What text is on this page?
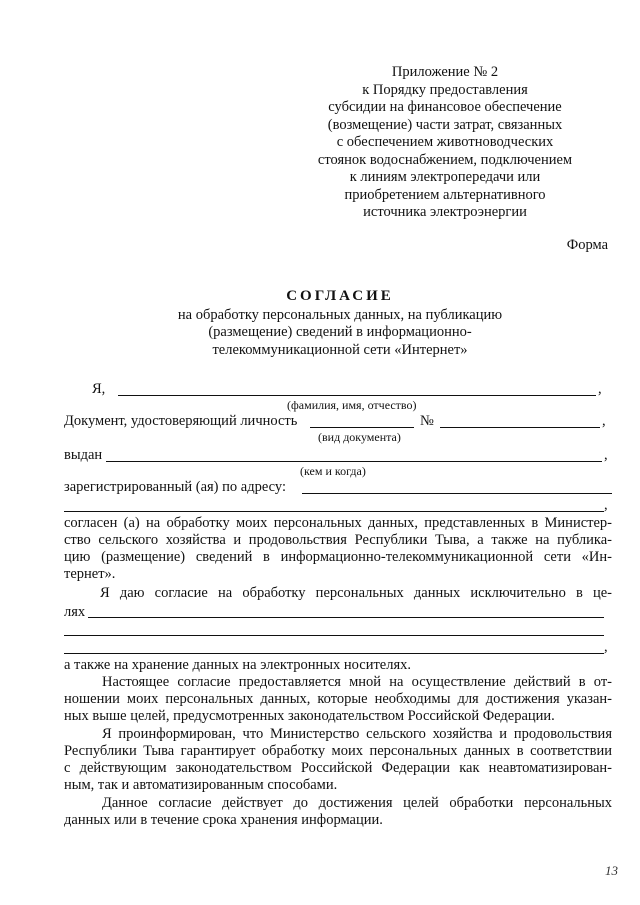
Приложение № 2
к Порядку предоставления
субсидии на финансовое обеспечение
(возмещение) части затрат, связанных
с обеспечением животноводческих
стоянок водоснабжением, подключением
к линиям электропередачи или
приобретением альтернативного
источника электроэнергии
Форма
СОГЛАСИЕ
на обработку персональных данных, на публикацию
(размещение) сведений в информационно-
телекоммуникационной сети «Интернет»
Я,	,
(фамилия, имя, отчество)
Документ, удостоверяющий личность	№	,
(вид документа)
выдан	,
(кем и когда)
зарегистрированный (ая) по адресу:
,
согласен (а) на обработку моих персональных данных, представленных в Министер-
ство сельского хозяйства и продовольствия Республики Тыва, а также на публика-
цию (размещение) сведений в информационно-телекоммуникационной сети «Ин-
тернет».
Я даю согласие на обработку персональных данных исключительно в це-
лях
,
а также на хранение данных на электронных носителях.
Настоящее согласие предоставляется мной на осуществление действий в от-
ношении моих персональных данных, которые необходимы для достижения указан-
ных выше целей, предусмотренных законодательством Российской Федерации.
Я проинформирован, что Министерство сельского хозяйства и продовольствия
Республики Тыва гарантирует обработку моих персональных данных в соответствии
с действующим законодательством Российской Федерации как неавтоматизирован-
ным, так и автоматизированным способами.
Данное согласие действует до достижения целей обработки персональных
данных или в течение срока хранения информации.
13
